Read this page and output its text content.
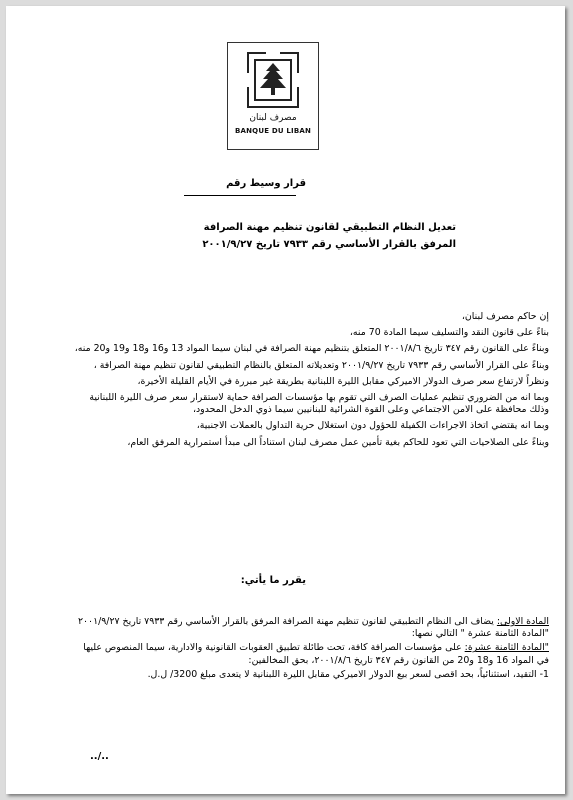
مصرف لبنان
BANQUE DU LIBAN
قرار وسيط رقم
تعديل النظام التطبيقي لقانون تنظيم مهنة الصرافة
المرفق بالقرار الأساسي رقم ٧٩٣٣ تاريخ ٢٠٠١/٩/٢٧

إن حاكم مصرف لبنان،

بناءً على قانون النقد والتسليف سيما المادة 70 منه،

وبناءً على القانون رقم ٣٤٧ تاريخ ٢٠٠١/٨/٦ المتعلق بتنظيم مهنة الصرافة في لبنان سيما المواد 13 و16 و18 و19 و20 منه،

وبناءً على القرار الأساسي رقم ٧٩٣٣ تاريخ ٢٠٠١/٩/٢٧ وتعديلاته المتعلق بالنظام التطبيقي لقانون تنظيم مهنة الصرافة ،

ونظراً لارتفاع سعر صرف الدولار الاميركي مقابل الليرة اللبنانية بطريقة غير مبررة في الأيام القليلة الأخيرة،

وبما انه من الضروري تنظيم عمليات الصرف التي تقوم بها مؤسسات الصرافة حماية لاستقرار سعر صرف الليرة اللبنانية وذلك محافظة على الامن الاجتماعي وعلى القوة الشرائية للبنانيين سيما ذوي الدخل المحدود،

وبما انه يقتضي اتخاذ الاجراءات الكفيلة للحؤول دون استغلال حرية التداول بالعملات الاجنبية،

وبناءً على الصلاحيات التي تعود للحاكم بغية تأمين عمل مصرف لبنان استناداً الى مبدأ استمرارية المرفق العام،

يقرر ما يأتي:

المادة الاولى: يضاف الى النظام التطبيقي لقانون تنظيم مهنة الصرافة المرفق بالقرار الأساسي رقم ٧٩٣٣ تاريخ ٢٠٠١/٩/٢٧ "المادة الثامنة عشرة " التالي نصها:

"المادة الثامنة عشرة: على مؤسسات الصرافة كافة، تحت طائلة تطبيق العقوبات القانونية والادارية، سيما المنصوص عليها في المواد 16 و18 و20 من القانون رقم ٣٤٧ تاريخ ٢٠٠١/٨/٦، بحق المخالفين:

1- التقيد، استثنائياً، بحد اقصى لسعر بيع الدولار الاميركي مقابل الليرة اللبنانية لا يتعدى مبلغ 3200/ ل.ل.

../..
